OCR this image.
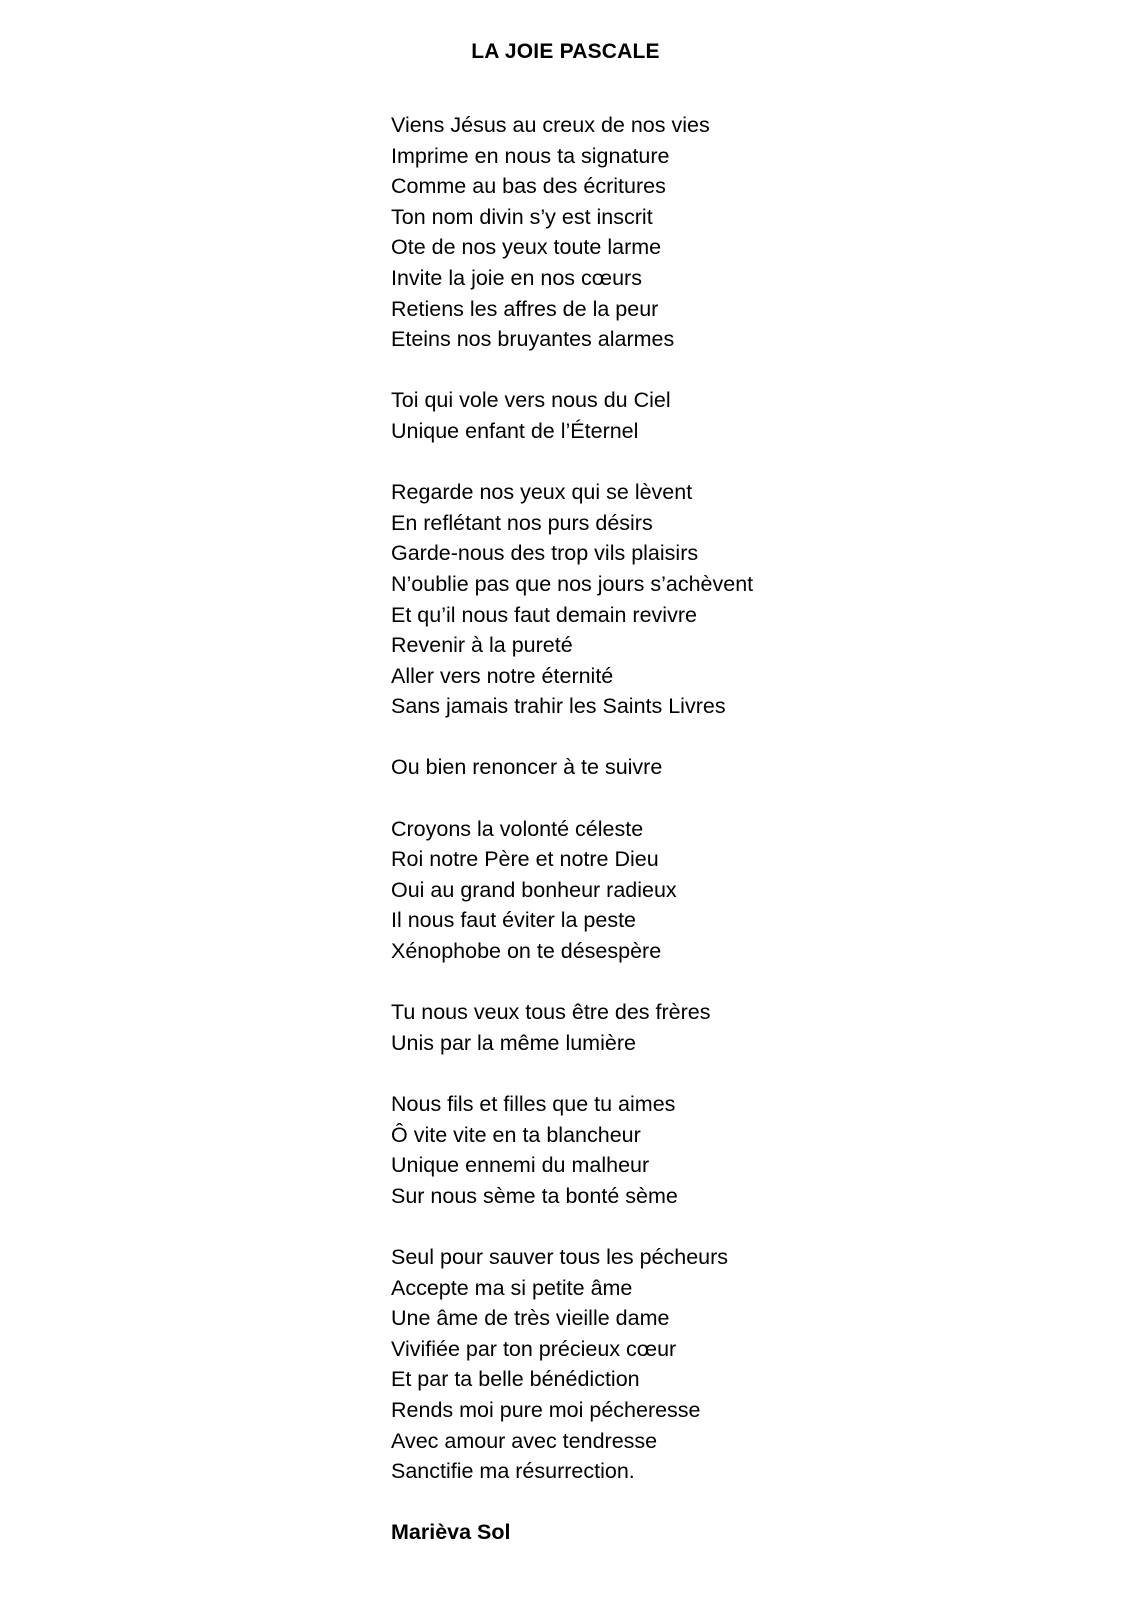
LA JOIE PASCALE
Viens Jésus au creux de nos vies
Imprime en nous ta signature
Comme au bas des écritures
Ton nom divin s’y est inscrit
Ote de nos yeux toute larme
Invite la joie en nos cœurs
Retiens les affres de la peur
Eteins nos bruyantes alarmes
Toi qui vole vers nous du Ciel
Unique enfant de l’Éternel
Regarde nos yeux qui se lèvent
En reflétant nos purs désirs
Garde-nous des trop vils plaisirs
N’oublie pas que nos jours s’achèvent
Et qu’il nous faut demain revivre
Revenir à la pureté
Aller vers notre éternité
Sans jamais trahir les Saints Livres
Ou bien renoncer à te suivre
Croyons la volonté céleste
Roi notre Père et notre Dieu
Oui au grand bonheur radieux
Il nous faut éviter la peste
Xénophobe on te désespère
Tu nous veux tous être des frères
Unis par la même lumière
Nous fils et filles que tu aimes
Ô vite vite en ta blancheur
Unique ennemi du malheur
Sur nous sème ta bonté sème
Seul pour sauver tous les pécheurs
Accepte ma si petite âme
Une âme de très vieille dame
Vivifiée par ton précieux cœur
Et par ta belle bénédiction
Rends moi pure moi pécheresse
Avec amour avec tendresse
Sanctifie ma résurrection.

Marièva Sol
